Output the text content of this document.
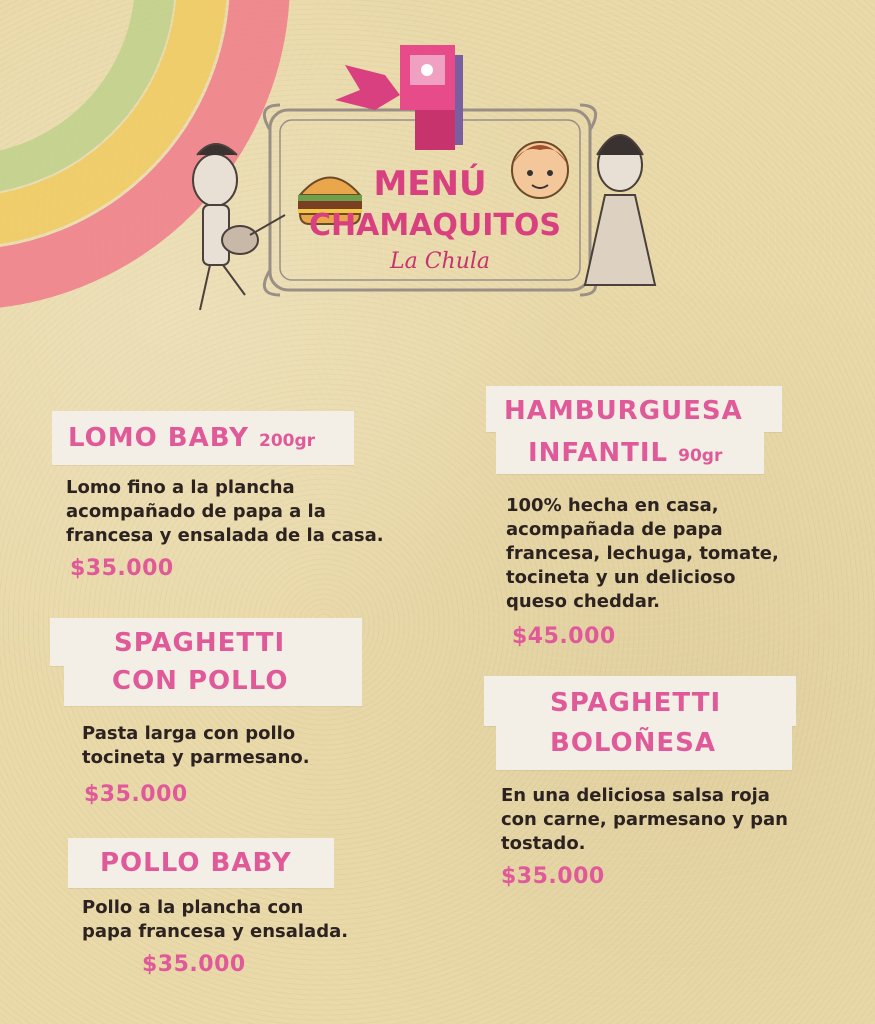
MENÚ
CHAMAQUITOS
La Chula
LOMO BABY 200gr
Lomo fino a la plancha
acompañado de papa a la
francesa y ensalada de la casa.
$35.000
HAMBURGUESA
INFANTIL 90gr
100% hecha en casa,
acompañada de papa
francesa, lechuga, tomate,
tocineta y un delicioso
queso cheddar.
$45.000
SPAGHETTI
CON POLLO
Pasta larga con pollo
tocineta y parmesano.
$35.000
SPAGHETTI
BOLOÑESA
En una deliciosa salsa roja
con carne, parmesano y pan
tostado.
$35.000
POLLO BABY
Pollo a la plancha con
papa francesa y ensalada.
$35.000
